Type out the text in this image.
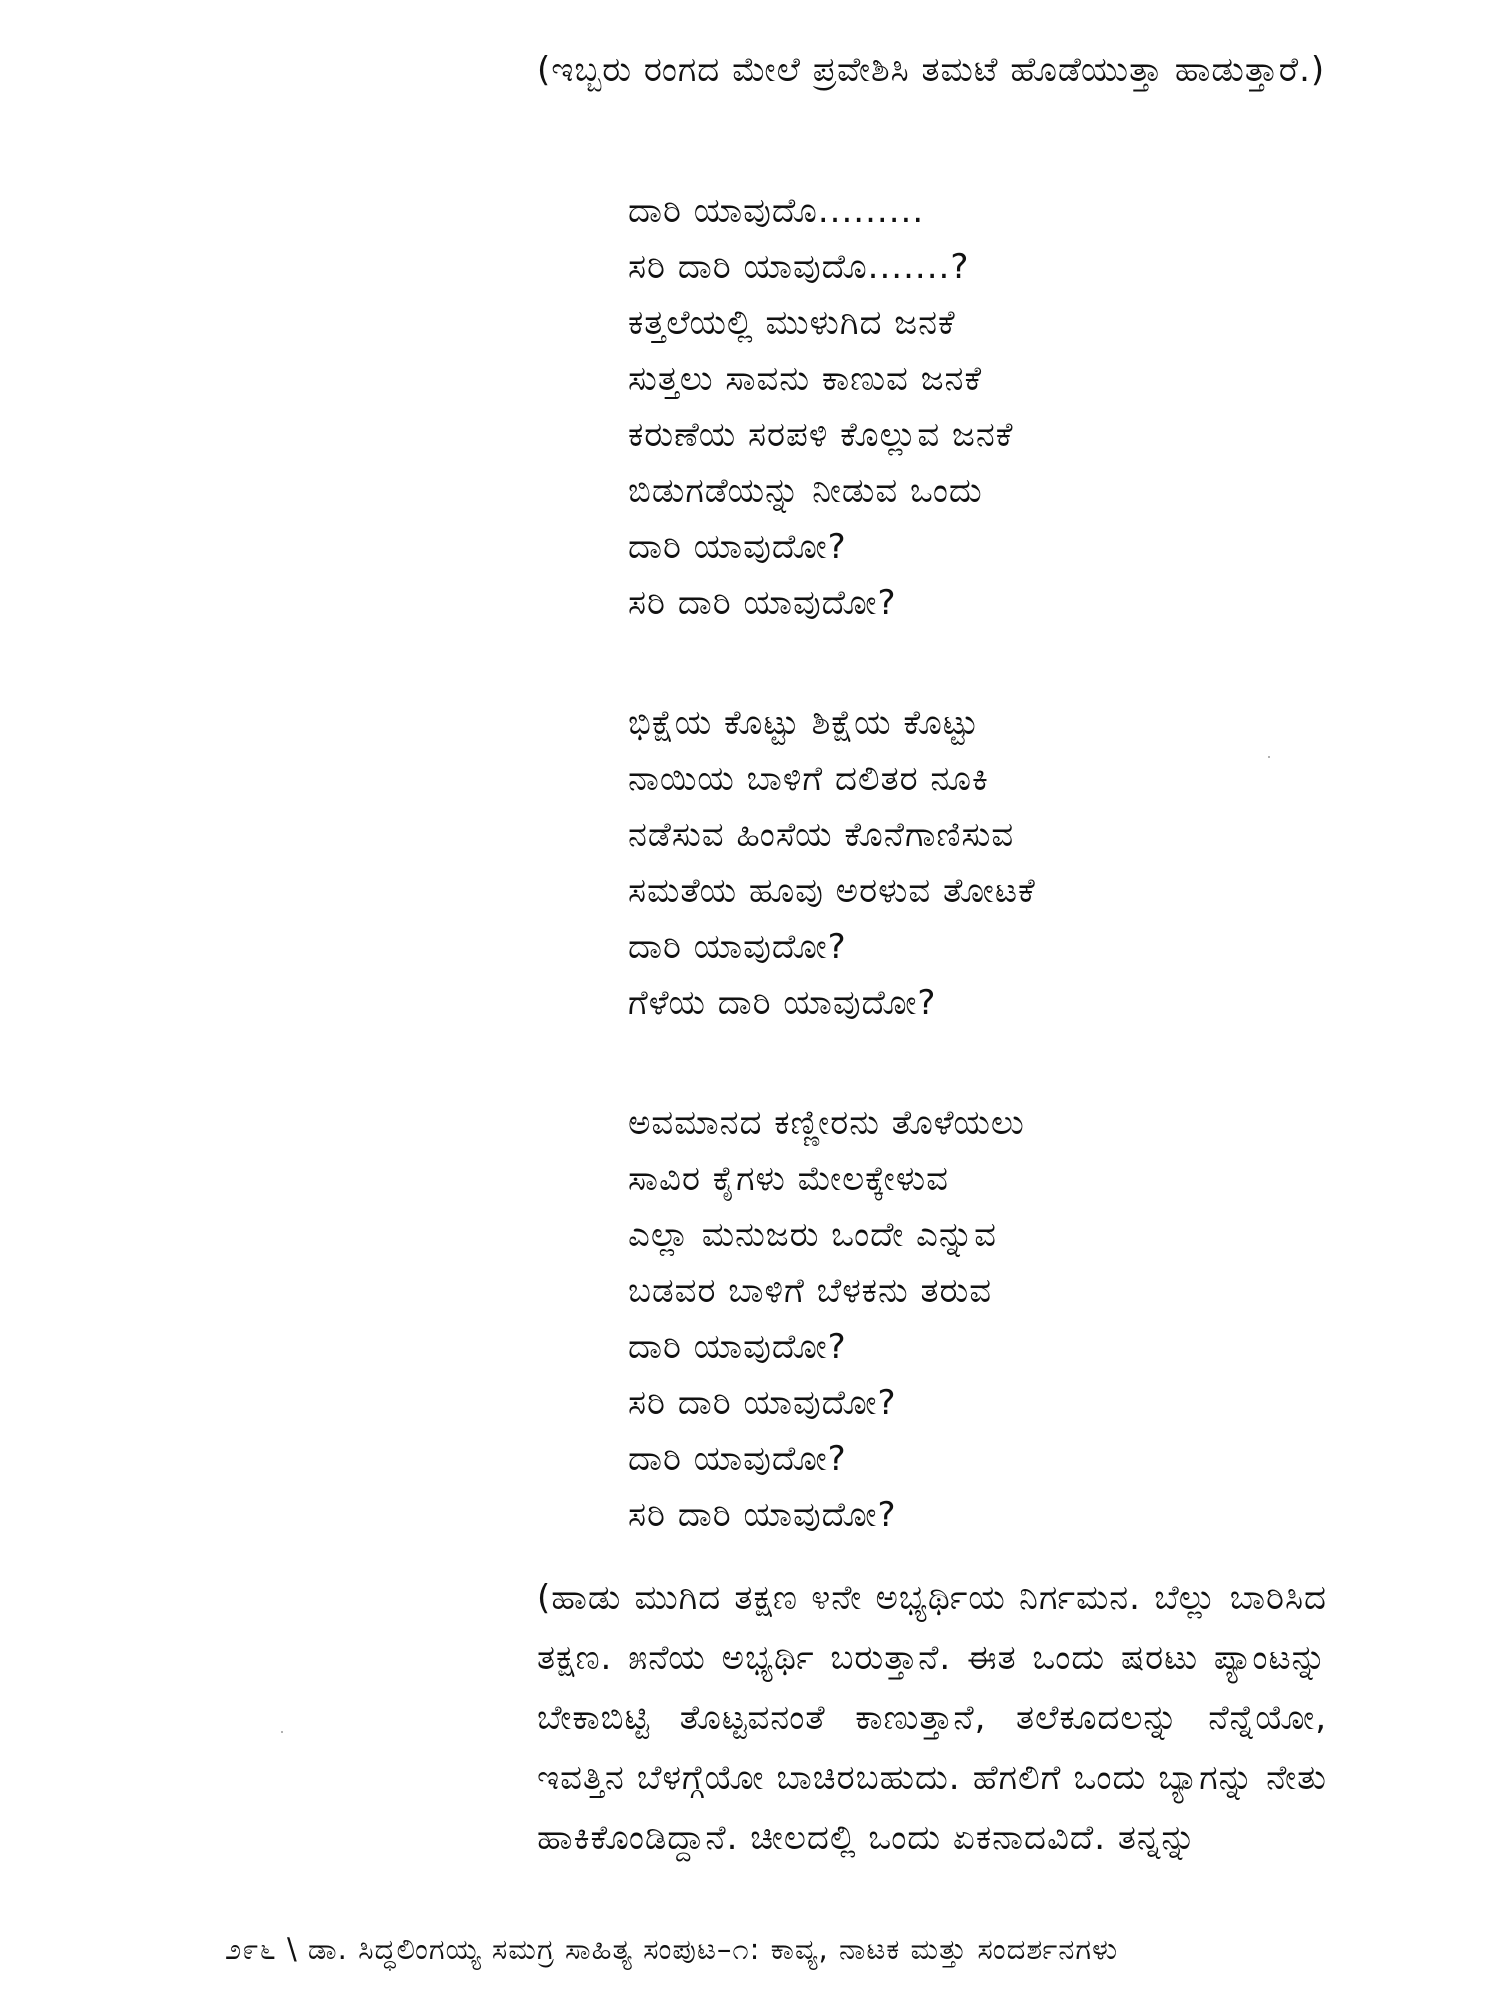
(ಇಬ್ಬರು ರಂಗದ ಮೇಲೆ ಪ್ರವೇಶಿಸಿ ತಮಟೆ ಹೊಡೆಯುತ್ತಾ ಹಾಡುತ್ತಾರೆ.)

ದಾರಿ ಯಾವುದೊ.........
ಸರಿ ದಾರಿ ಯಾವುದೊ.......?
ಕತ್ತಲೆಯಲ್ಲಿ ಮುಳುಗಿದ ಜನಕೆ
ಸುತ್ತಲು ಸಾವನು ಕಾಣುವ ಜನಕೆ
ಕರುಣೆಯ ಸರಪಳಿ ಕೊಲ್ಲುವ ಜನಕೆ
ಬಿಡುಗಡೆಯನ್ನು ನೀಡುವ ಒಂದು
ದಾರಿ ಯಾವುದೋ?
ಸರಿ ದಾರಿ ಯಾವುದೋ?
ಭಿಕ್ಷೆಯ ಕೊಟ್ಟು ಶಿಕ್ಷೆಯ ಕೊಟ್ಟು
ನಾಯಿಯ ಬಾಳಿಗೆ ದಲಿತರ ನೂಕಿ
ನಡೆಸುವ ಹಿಂಸೆಯ ಕೊನೆಗಾಣಿಸುವ
ಸಮತೆಯ ಹೂವು ಅರಳುವ ತೋಟಕೆ
ದಾರಿ ಯಾವುದೋ?
ಗೆಳೆಯ ದಾರಿ ಯಾವುದೋ?
ಅವಮಾನದ ಕಣ್ಣೀರನು ತೊಳೆಯಲು
ಸಾವಿರ ಕೈಗಳು ಮೇಲಕ್ಕೇಳುವ
ಎಲ್ಲಾ ಮನುಜರು ಒಂದೇ ಎನ್ನುವ
ಬಡವರ ಬಾಳಿಗೆ ಬೆಳಕನು ತರುವ
ದಾರಿ ಯಾವುದೋ?
ಸರಿ ದಾರಿ ಯಾವುದೋ?
ದಾರಿ ಯಾವುದೋ?
ಸರಿ ದಾರಿ ಯಾವುದೋ?

(ಹಾಡು ಮುಗಿದ ತಕ್ಷಣ ೪ನೇ ಅಭ್ಯರ್ಥಿಯ ನಿರ್ಗಮನ. ಬೆಲ್ಲು ಬಾರಿಸಿದ ತಕ್ಷಣ. ೫ನೆಯ ಅಭ್ಯರ್ಥಿ ಬರುತ್ತಾನೆ. ಈತ ಒಂದು ಷರಟು ಪ್ಯಾಂಟನ್ನು ಬೇಕಾಬಿಟ್ಟಿ ತೊಟ್ಟವನಂತೆ ಕಾಣುತ್ತಾನೆ, ತಲೆಕೂದಲನ್ನು ನೆನ್ನೆಯೋ, ಇವತ್ತಿನ ಬೆಳಗ್ಗೆಯೋ ಬಾಚಿರಬಹುದು. ಹೆಗಲಿಗೆ ಒಂದು ಬ್ಯಾಗನ್ನು ನೇತು ಹಾಕಿಕೊಂಡಿದ್ದಾನೆ. ಚೀಲದಲ್ಲಿ ಒಂದು ಏಕನಾದವಿದೆ. ತನ್ನನ್ನು

೨೯೬ \ ಡಾ. ಸಿದ್ಧಲಿಂಗಯ್ಯ ಸಮಗ್ರ ಸಾಹಿತ್ಯ ಸಂಪುಟ–೧: ಕಾವ್ಯ, ನಾಟಕ ಮತ್ತು ಸಂದರ್ಶನಗಳು
